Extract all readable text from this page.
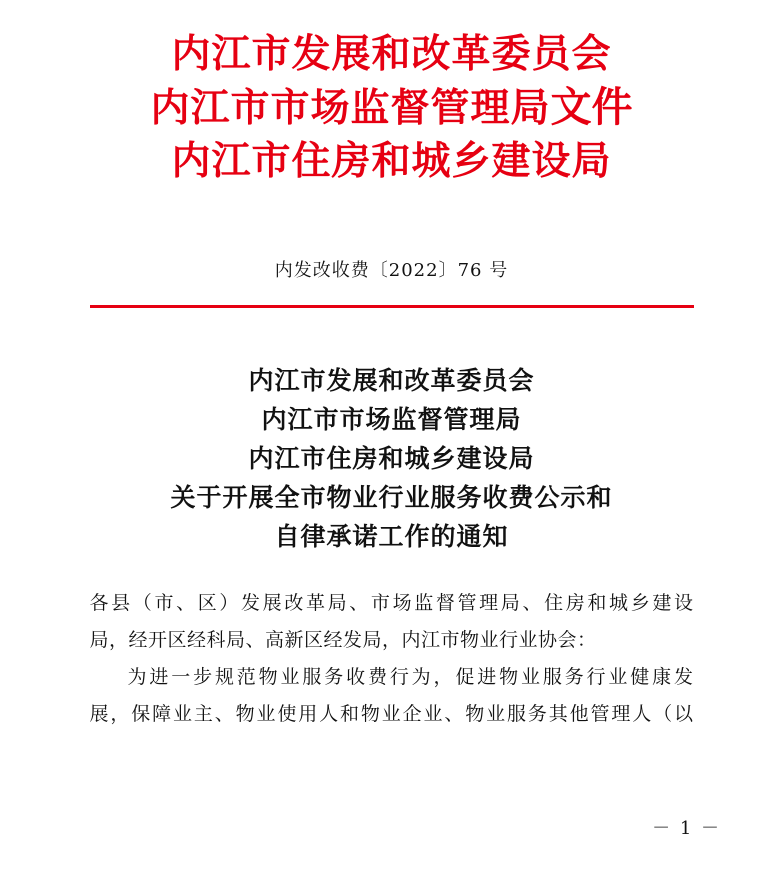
内江市发展和改革委员会
内江市市场监督管理局文件
内江市住房和城乡建设局
内发改收费〔2022〕76 号
内江市发展和改革委员会
内江市市场监督管理局
内江市住房和城乡建设局
关于开展全市物业行业服务收费公示和
自律承诺工作的通知
各县（市、区）发展改革局、市场监督管理局、住房和城乡建设
局，经开区经科局、高新区经发局，内江市物业行业协会：
为进一步规范物业服务收费行为，促进物业服务行业健康发
展，保障业主、物业使用人和物业企业、物业服务其他管理人（以
－ 1 －
